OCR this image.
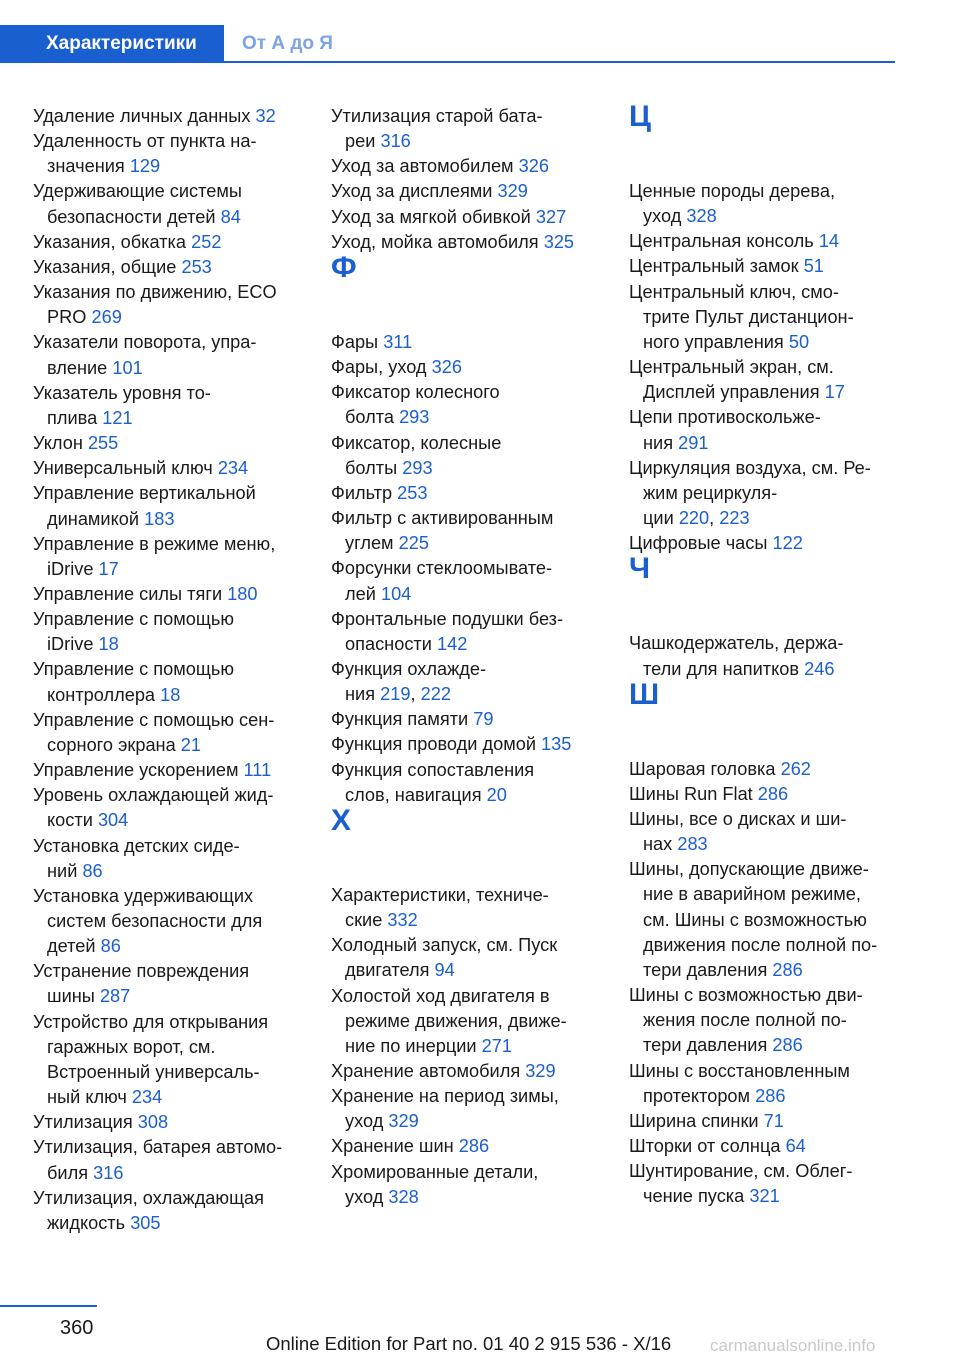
Характеристики	От А до Я
Удаление личных данных 32
Удаленность от пункта на‐
значения 129
Удерживающие системы
безопасности детей 84
Указания, обкатка 252
Указания, общие 253
Указания по движению, ECO
PRO 269
Указатели поворота, упра‐
вление 101
Указатель уровня то‐
плива 121
Уклон 255
Универсальный ключ 234
Управление вертикальной
динамикой 183
Управление в режиме меню,
iDrive 17
Управление силы тяги 180
Управление с помощью
iDrive 18
Управление с помощью
контроллера 18
Управление с помощью сен‐
сорного экрана 21
Управление ускорением 111
Уровень охлаждающей жид‐
кости 304
Установка детских сиде‐
ний 86
Установка удерживающих
систем безопасности для
детей 86
Устранение повреждения
шины 287
Устройство для открывания
гаражных ворот, см.
Встроенный универсаль‐
ный ключ 234
Утилизация 308
Утилизация, батарея автомо‐
биля 316
Утилизация, охлаждающая
жидкость 305
Утилизация старой бата‐
реи 316
Уход за автомобилем 326
Уход за дисплеями 329
Уход за мягкой обивкой 327
Уход, мойка автомобиля 325
Ф
Фары 311
Фары, уход 326
Фиксатор колесного
болта 293
Фиксатор, колесные
болты 293
Фильтр 253
Фильтр с активированным
углем 225
Форсунки стеклоомывате‐
лей 104
Фронтальные подушки без‐
опасности 142
Функция охлажде‐
ния 219, 222
Функция памяти 79
Функция проводи домой 135
Функция сопоставления
слов, навигация 20
Х
Характеристики, техниче‐
ские 332
Холодный запуск, см. Пуск
двигателя 94
Холостой ход двигателя в
режиме движения, движе‐
ние по инерции 271
Хранение автомобиля 329
Хранение на период зимы,
уход 329
Хранение шин 286
Хромированные детали,
уход 328
Ц
Ценные породы дерева,
уход 328
Центральная консоль 14
Центральный замок 51
Центральный ключ, смо‐
трите Пульт дистанцион‐
ного управления 50
Центральный экран, см.
Дисплей управления 17
Цепи противоскольже‐
ния 291
Циркуляция воздуха, см. Ре‐
жим рециркуля‐
ции 220, 223
Цифровые часы 122
Ч
Чашкодержатель, держа‐
тели для напитков 246
Ш
Шаровая головка 262
Шины Run Flat 286
Шины, все о дисках и ши‐
нах 283
Шины, допускающие движе‐
ние в аварийном режиме,
см. Шины с возможностью
движения после полной по‐
тери давления 286
Шины с возможностью дви‐
жения после полной по‐
тери давления 286
Шины с восстановленным
протектором 286
Ширина спинки 71
Шторки от солнца 64
Шунтирование, см. Облег‐
чение пуска 321
360
Online Edition for Part no. 01 40 2 915 536 - X/16 carmanualsonline.info
